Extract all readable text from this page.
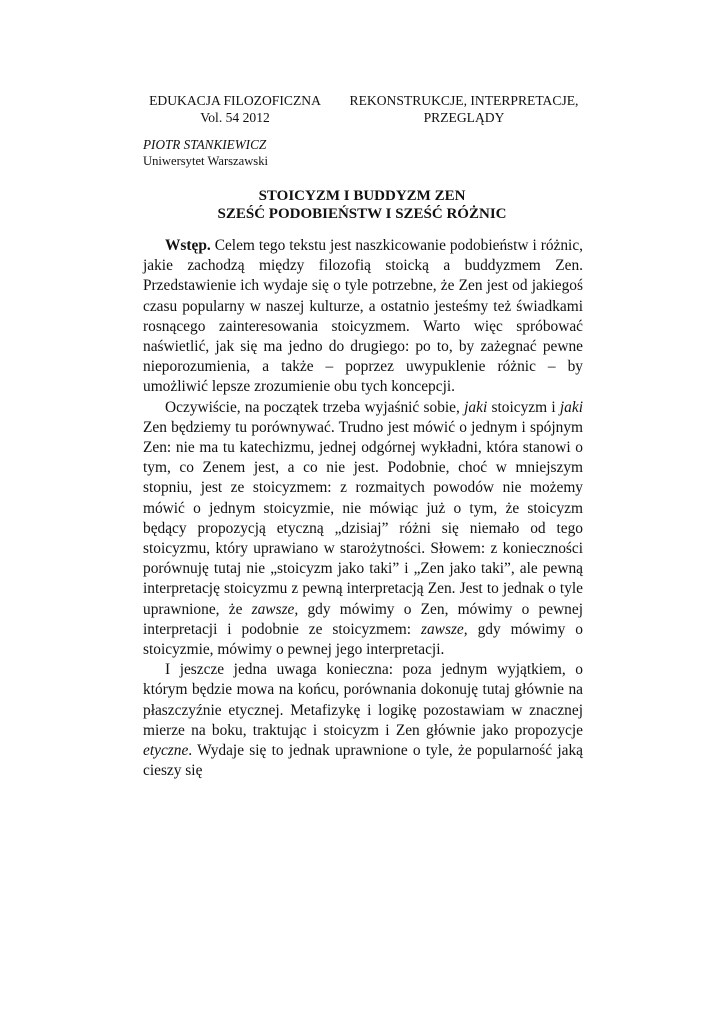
EDUKACJA FILOZOFICZNA
Vol. 54 2012
REKONSTRUKCJE, INTERPRETACJE,
PRZEGLĄDY
PIOTR STANKIEWICZ
Uniwersytet Warszawski
STOICYZM I BUDDYZM ZEN
SZEŚĆ PODOBIEŃSTW I SZEŚĆ RÓŻNIC

Wstęp. Celem tego tekstu jest naszkicowanie podobieństw i różnic, jakie zachodzą między filozofią stoicką a buddyzmem Zen. Przedstawienie ich wydaje się o tyle potrzebne, że Zen jest od jakiegoś czasu popularny w naszej kulturze, a ostatnio jesteśmy też świadkami rosnącego zainteresowania stoicyzmem. Warto więc spróbować naświetlić, jak się ma jedno do drugiego: po to, by zażegnać pewne nieporozumienia, a także – poprzez uwypuklenie różnic – by umożliwić lepsze zrozumienie obu tych koncepcji.

Oczywiście, na początek trzeba wyjaśnić sobie, jaki stoicyzm i jaki Zen będziemy tu porównywać. Trudno jest mówić o jednym i spójnym Zen: nie ma tu katechizmu, jednej odgórnej wykładni, która stanowi o tym, co Zenem jest, a co nie jest. Podobnie, choć w mniejszym stopniu, jest ze stoicyzmem: z rozmaitych powodów nie możemy mówić o jednym stoicyzmie, nie mówiąc już o tym, że stoicyzm będący propozycją etyczną „dzisiaj” różni się niemało od tego stoicyzmu, który uprawiano w starożytności. Słowem: z konieczności porównuję tutaj nie „stoicyzm jako taki” i „Zen jako taki”, ale pewną interpretację stoicyzmu z pewną interpretacją Zen. Jest to jednak o tyle uprawnione, że zawsze, gdy mówimy o Zen, mówimy o pewnej interpretacji i podobnie ze stoicyzmem: zawsze, gdy mówimy o stoicyzmie, mówimy o pewnej jego interpretacji.

I jeszcze jedna uwaga konieczna: poza jednym wyjątkiem, o którym będzie mowa na końcu, porównania dokonuję tutaj głównie na płaszczyźnie etycznej. Metafizykę i logikę pozostawiam w znacznej mierze na boku, traktując i stoicyzm i Zen głównie jako propozycje etyczne. Wydaje się to jednak uprawnione o tyle, że popularność jaką cieszy się
